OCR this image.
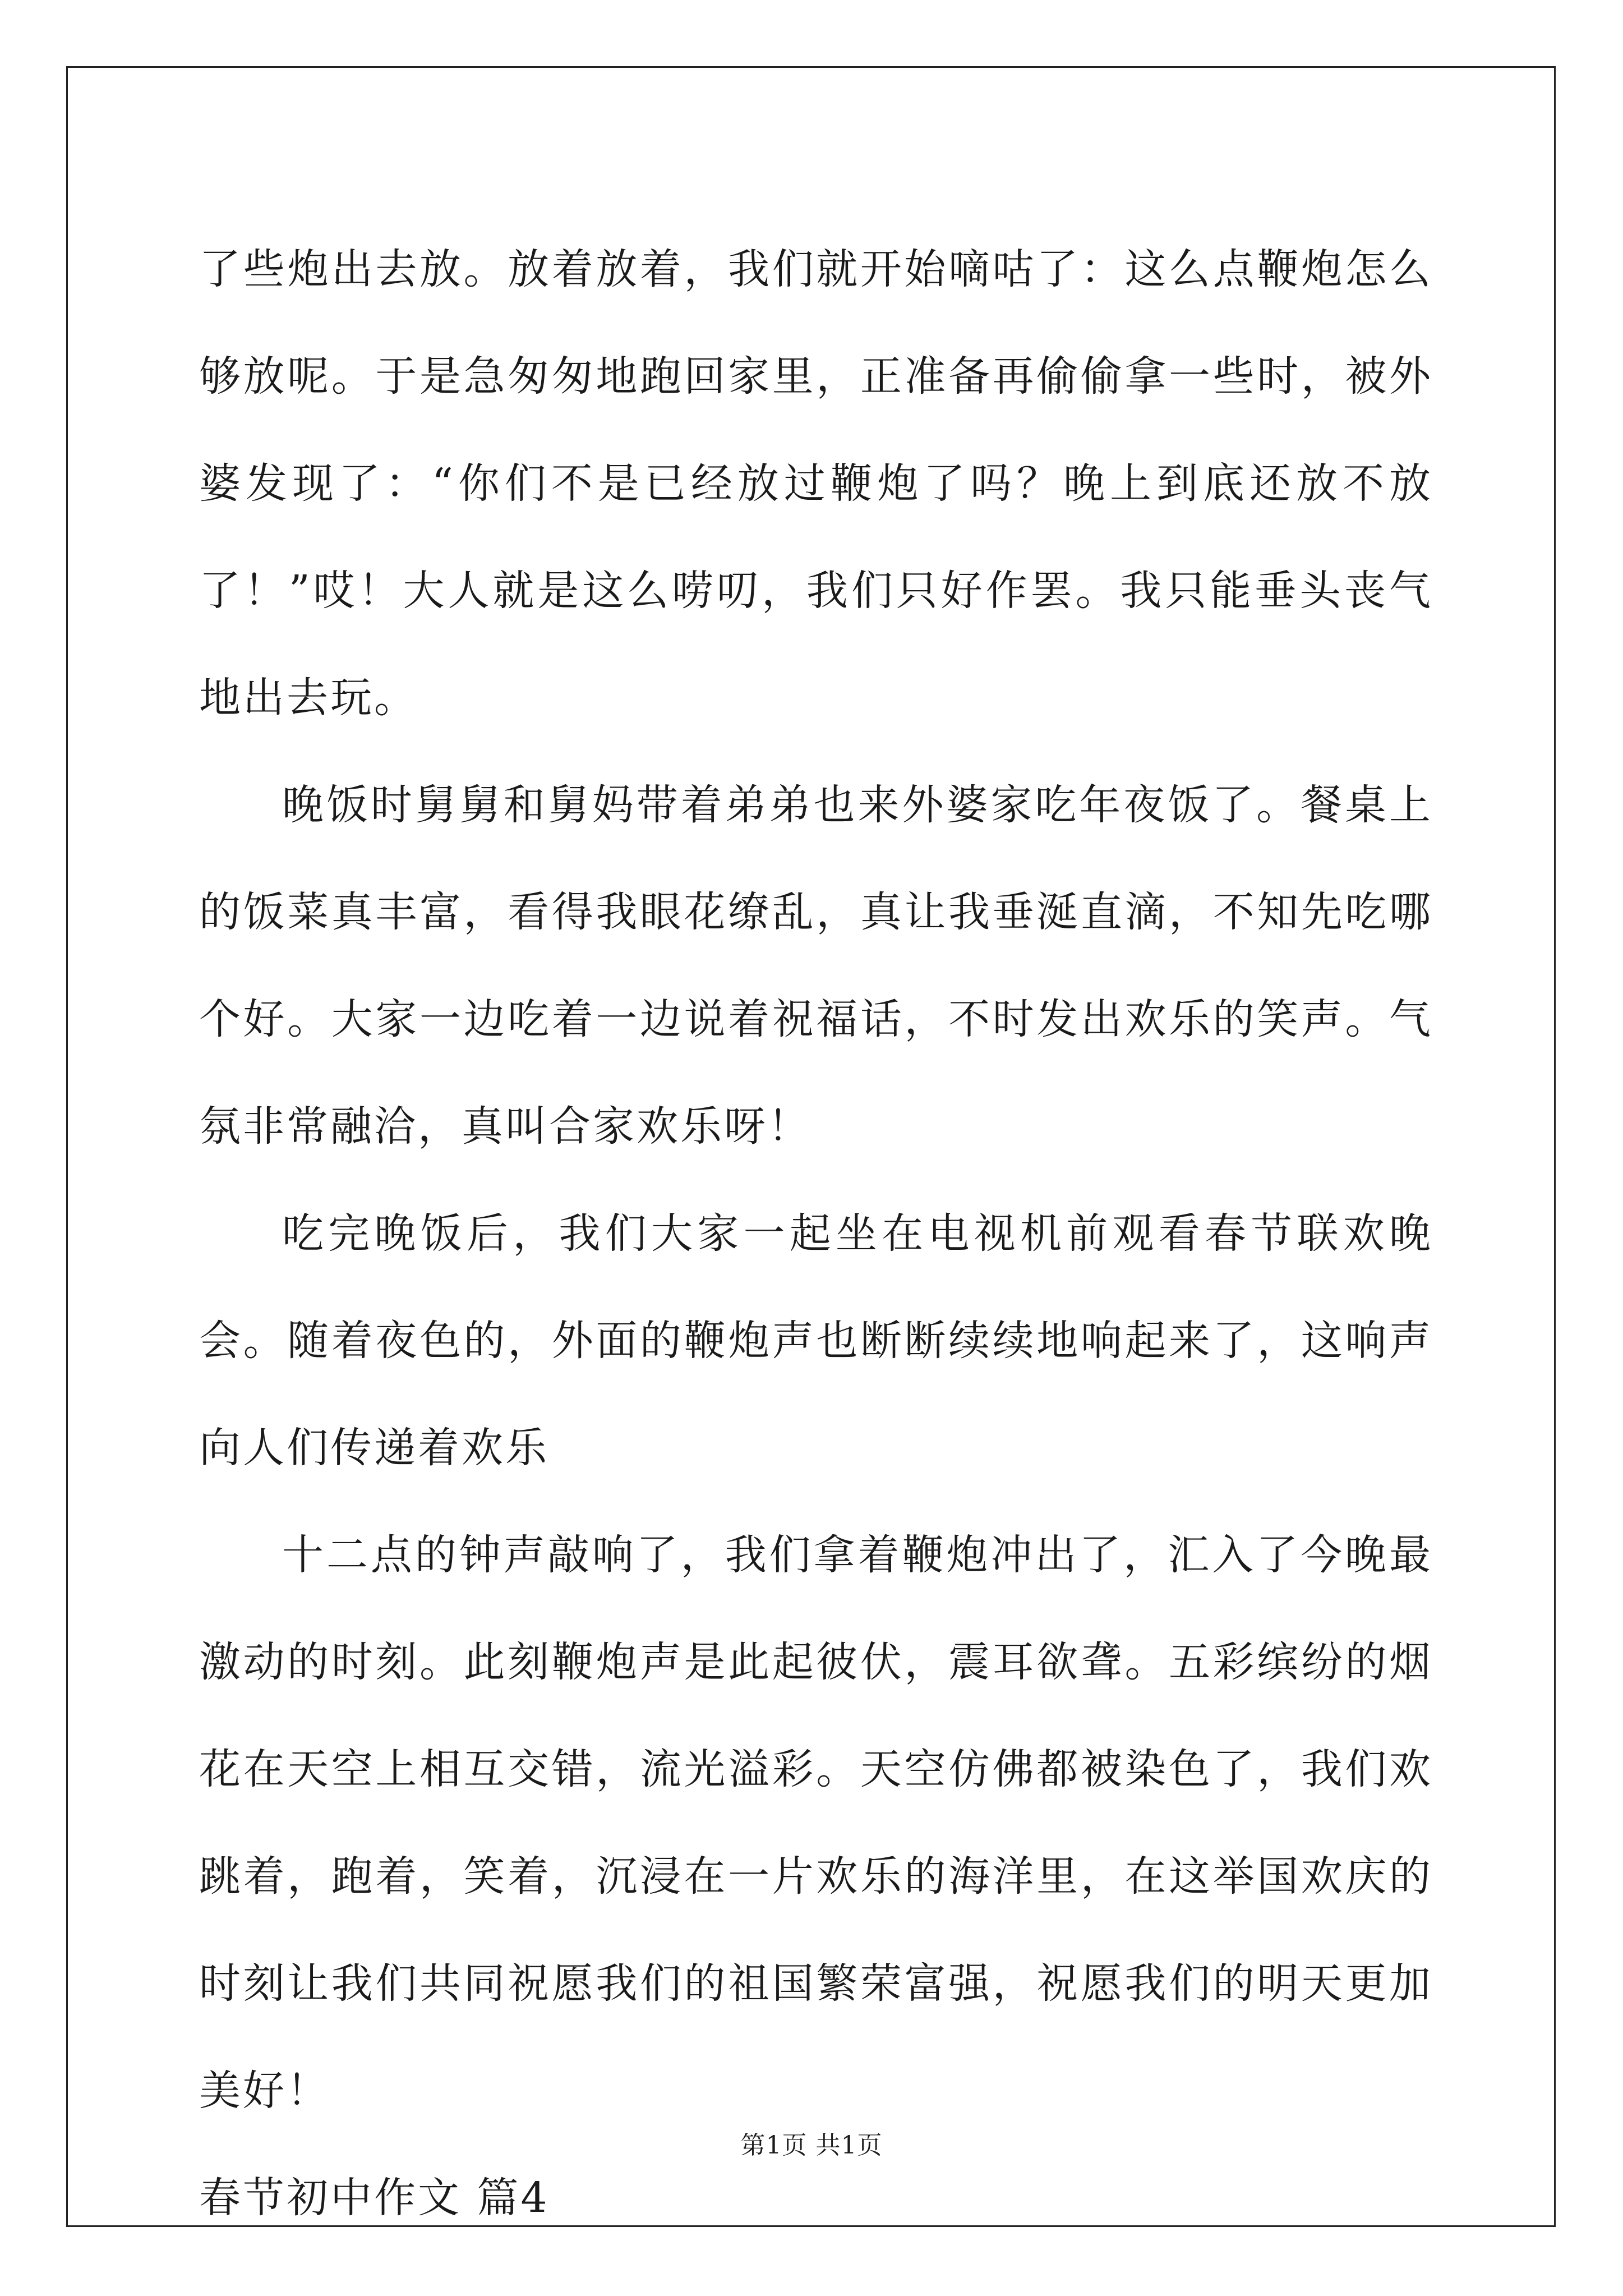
了些炮出去放。放着放着，我们就开始嘀咕了：这么点鞭炮怎么够放呢。于是急匆匆地跑回家里，正准备再偷偷拿一些时，被外婆发现了：“你们不是已经放过鞭炮了吗？晚上到底还放不放了！”哎！大人就是这么唠叨，我们只好作罢。我只能垂头丧气地出去玩。

晚饭时舅舅和舅妈带着弟弟也来外婆家吃年夜饭了。餐桌上的饭菜真丰富，看得我眼花缭乱，真让我垂涎直滴，不知先吃哪个好。大家一边吃着一边说着祝福话，不时发出欢乐的笑声。气氛非常融洽，真叫合家欢乐呀！

吃完晚饭后，我们大家一起坐在电视机前观看春节联欢晚会。随着夜色的，外面的鞭炮声也断断续续地响起来了，这响声向人们传递着欢乐

十二点的钟声敲响了，我们拿着鞭炮冲出了，汇入了今晚最激动的时刻。此刻鞭炮声是此起彼伏，震耳欲聋。五彩缤纷的烟花在天空上相互交错，流光溢彩。天空仿佛都被染色了，我们欢跳着，跑着，笑着，沉浸在一片欢乐的海洋里，在这举国欢庆的时刻让我们共同祝愿我们的祖国繁荣富强，祝愿我们的明天更加美好！

春节初中作文 篇4

第1页 共1页
